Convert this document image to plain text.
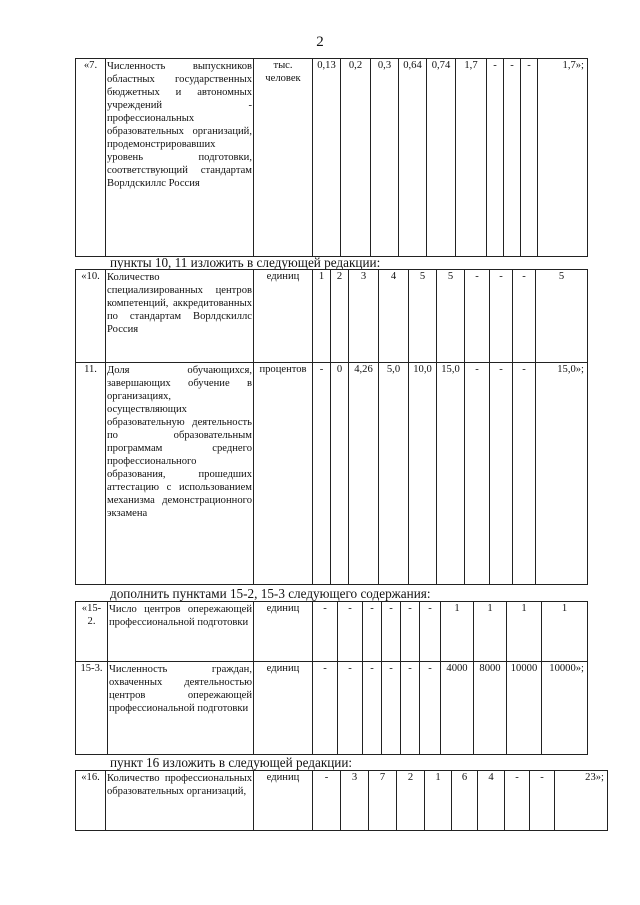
2
«7.	Численность выпускников областных государственных бюджетных и автономных учреждений - профессиональных образовательных организаций, продемонстрировавших уровень подготовки, соответствующий стандартам Ворлдскиллс Россия	тыс. человек	0,13	0,2	0,3	0,64	0,74	1,7	-	-	-	1,7»;
пункты 10, 11 изложить в следующей редакции:
«10.	Количество специализированных центров компетенций, аккредитованных по стандартам Ворлдскиллс Россия	единиц	1	2	3	4	5	5	-	-	-	5
11.	Доля обучающихся, завершающих обучение в организациях, осуществляющих образовательную деятельность по образовательным программам среднего профессионального образования, прошедших аттестацию с использованием механизма демонстрационного экзамена	процентов	-	0	4,26	5,0	10,0	15,0	-	-	-	15,0»;
дополнить пунктами 15-2, 15-3 следующего содержания:
«15-2.	Число центров опережающей профессиональной подготовки	единиц	-	-	-	-	-	-	1	1	1	1
15-3.	Численность граждан, охваченных деятельностью центров опережающей профессиональной подготовки	единиц	-	-	-	-	-	-	4000	8000	10000	10000»;
пункт 16 изложить в следующей редакции:
«16.	Количество профессиональных образовательных организаций,	единиц	-	3	7	2	1	6	4	-	-	23»;
